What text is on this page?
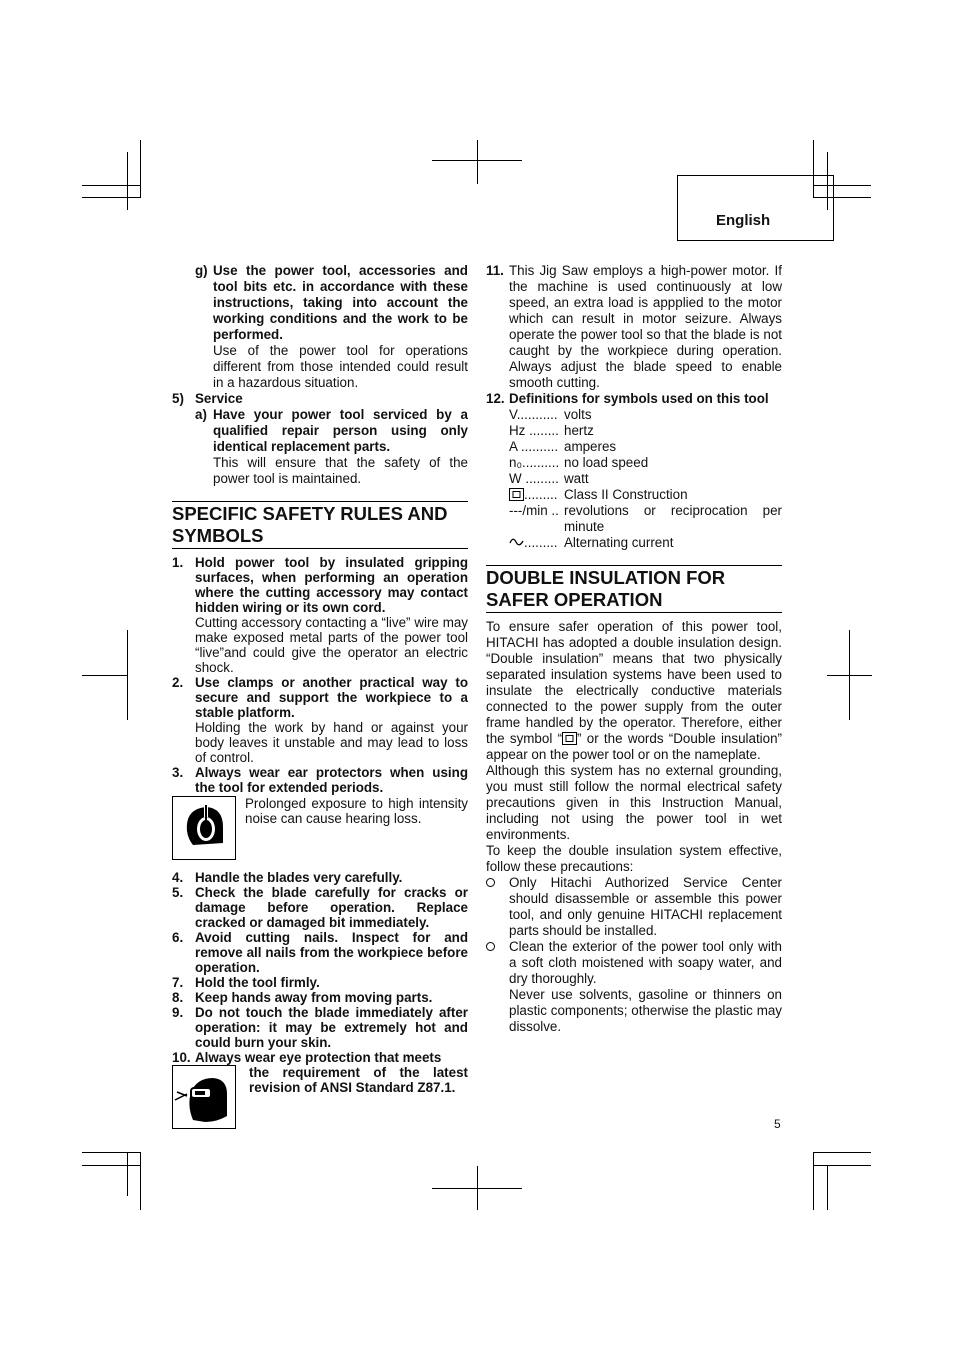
English
g) Use the power tool, accessories and tool bits etc. in accordance with these instructions, taking into account the working conditions and the work to be performed.
Use of the power tool for operations different from those intended could result in a hazardous situation.
5) Service
a) Have your power tool serviced by a qualified repair person using only identical replacement parts.
This will ensure that the safety of the power tool is maintained.
SPECIFIC SAFETY RULES AND SYMBOLS
1. Hold power tool by insulated gripping surfaces, when performing an operation where the cutting accessory may contact hidden wiring or its own cord.
Cutting accessory contacting a “live” wire may make exposed metal parts of the power tool “live”and could give the operator an electric shock.
2. Use clamps or another practical way to secure and support the workpiece to a stable platform.
Holding the work by hand or against your body leaves it unstable and may lead to loss of control.
3. Always wear ear protectors when using the tool for extended periods.
Prolonged exposure to high intensity noise can cause hearing loss.
4. Handle the blades very carefully.
5. Check the blade carefully for cracks or damage before operation. Replace cracked or damaged bit immediately.
6. Avoid cutting nails. Inspect for and remove all nails from the workpiece before operation.
7. Hold the tool firmly.
8. Keep hands away from moving parts.
9. Do not touch the blade immediately after operation: it may be extremely hot and could burn your skin.
10. Always wear eye protection that meets
the requirement of the latest revision of ANSI Standard Z87.1.
11. This Jig Saw employs a high-power motor. If the machine is used continuously at low speed, an extra load is appplied to the motor which can result in motor seizure. Always operate the power tool so that the blade is not caught by the workpiece during operation. Always adjust the blade speed to enable smooth cutting.
12. Definitions for symbols used on this tool
V........... volts
Hz ........ hertz
A .......... amperes
n₀.......... no load speed
W ......... watt
......... Class II Construction
---/min .. revolutions or reciprocation per minute
......... Alternating current
DOUBLE INSULATION FOR SAFER OPERATION
To ensure safer operation of this power tool, HITACHI has adopted a double insulation design. “Double insulation” means that two physically separated insulation systems have been used to insulate the electrically conductive materials connected to the power supply from the outer frame handled by the operator. Therefore, either the symbol “ ” or the words “Double insulation” appear on the power tool or on the nameplate.
Although this system has no external grounding, you must still follow the normal electrical safety precautions given in this Instruction Manual, including not using the power tool in wet environments.
To keep the double insulation system effective, follow these precautions:
Only Hitachi Authorized Service Center should disassemble or assemble this power tool, and only genuine HITACHI replacement parts should be installed.
Clean the exterior of the power tool only with a soft cloth moistened with soapy water, and dry thoroughly.
Never use solvents, gasoline or thinners on plastic components; otherwise the plastic may dissolve.
5
